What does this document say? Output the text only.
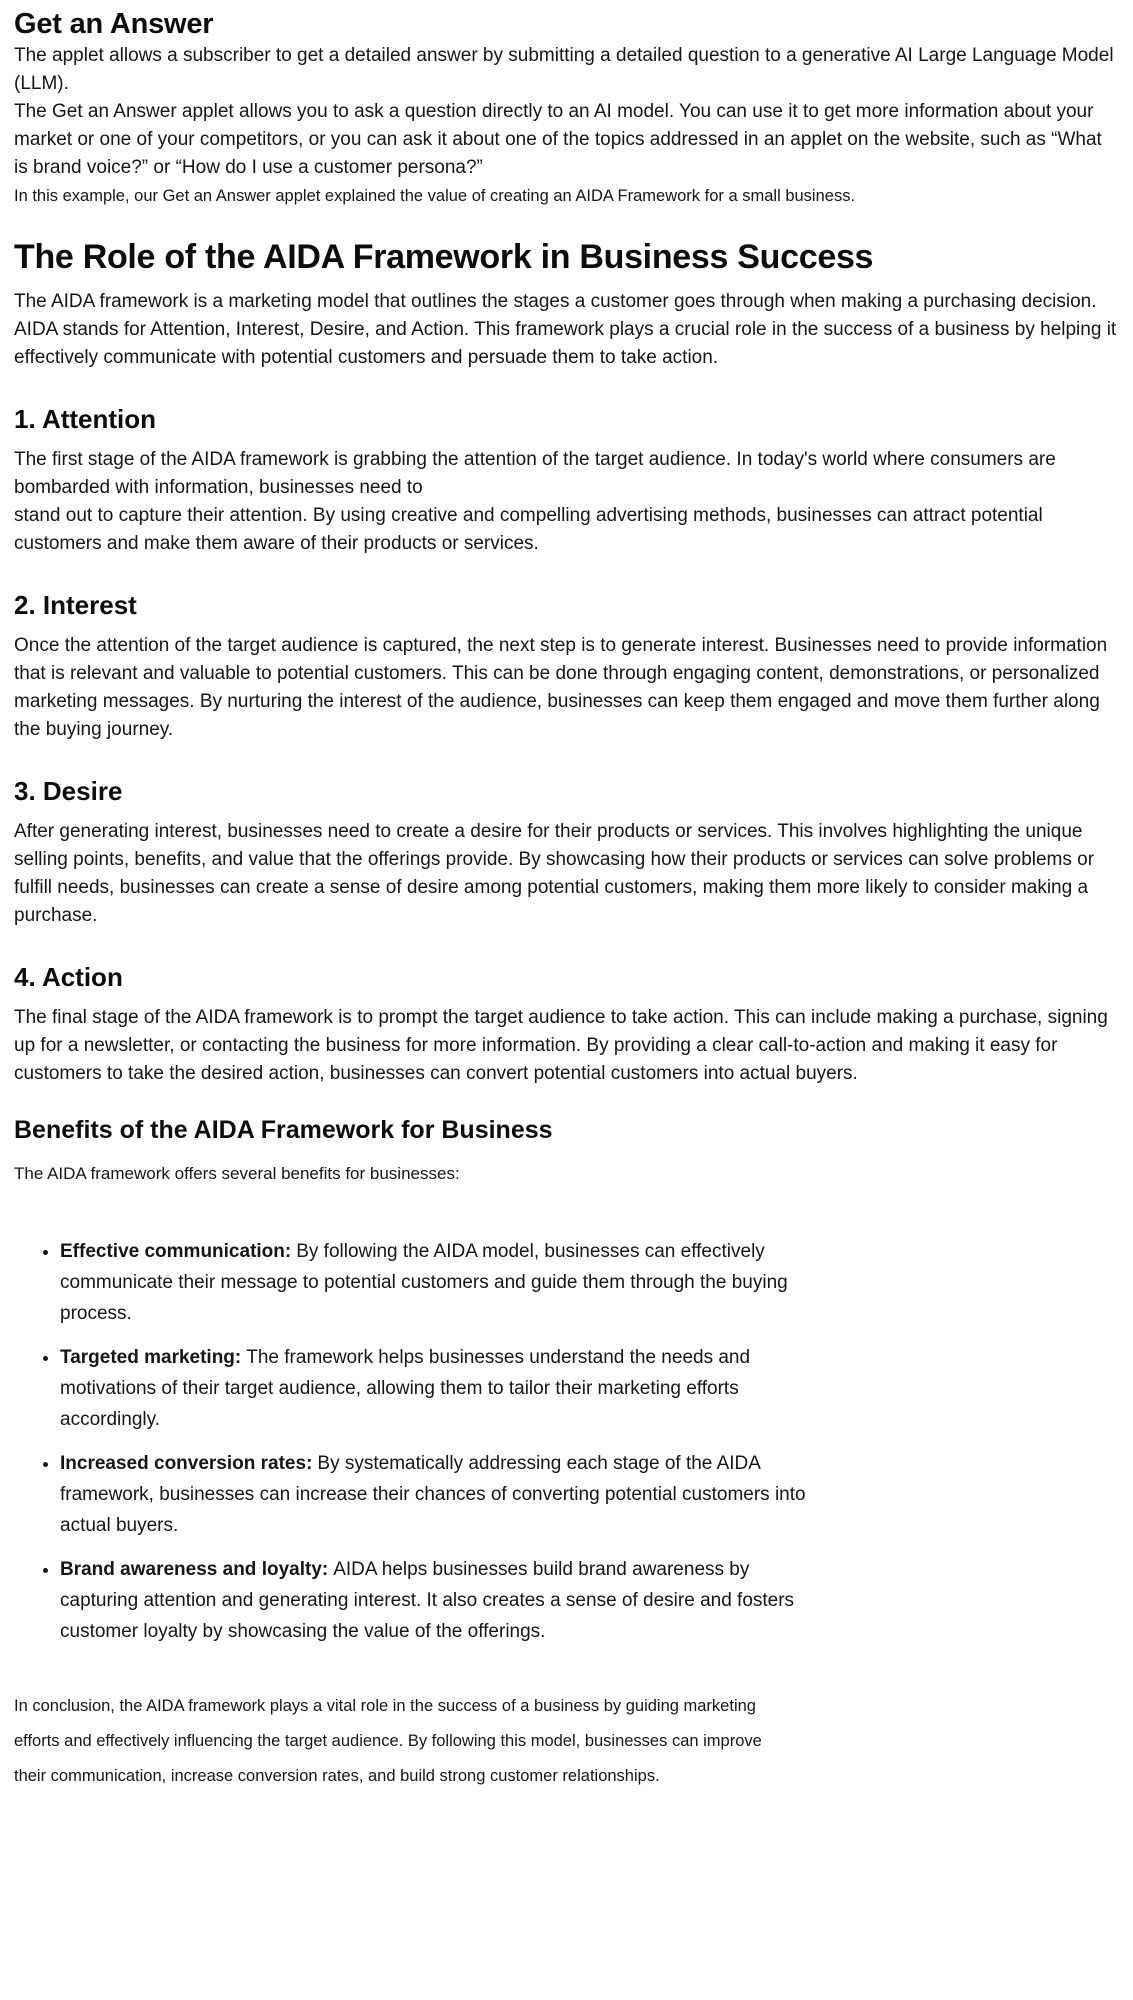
Get an Answer

The applet allows a subscriber to get a detailed answer by submitting a detailed question to a generative AI Large Language Model (LLM).

The Get an Answer applet allows you to ask a question directly to an AI model. You can use it to get more information about your market or one of your competitors, or you can ask it about one of the topics addressed in an applet on the website, such as “What is brand voice?” or “How do I use a customer persona?”

In this example, our Get an Answer applet explained the value of creating an AIDA Framework for a small business.

The Role of the AIDA Framework in Business Success

The AIDA framework is a marketing model that outlines the stages a customer goes through when making a purchasing decision. AIDA stands for Attention, Interest, Desire, and Action. This framework plays a crucial role in the success of a business by helping it effectively communicate with potential customers and persuade them to take action.

1. Attention

The first stage of the AIDA framework is grabbing the attention of the target audience. In today's world where consumers are bombarded with information, businesses need to

stand out to capture their attention. By using creative and compelling advertising methods, businesses can attract potential customers and make them aware of their products or services.

2. Interest

Once the attention of the target audience is captured, the next step is to generate interest. Businesses need to provide information that is relevant and valuable to potential customers. This can be done through engaging content, demonstrations, or personalized marketing messages. By nurturing the interest of the audience, businesses can keep them engaged and move them further along the buying journey.

3. Desire

After generating interest, businesses need to create a desire for their products or services. This involves highlighting the unique selling points, benefits, and value that the offerings provide. By showcasing how their products or services can solve problems or fulfill needs, businesses can create a sense of desire among potential customers, making them more likely to consider making a purchase.

4. Action

The final stage of the AIDA framework is to prompt the target audience to take action. This can include making a purchase, signing up for a newsletter, or contacting the business for more information. By providing a clear call-to-action and making it easy for customers to take the desired action, businesses can convert potential customers into actual buyers.

Benefits of the AIDA Framework for Business

The AIDA framework offers several benefits for businesses:

• Effective communication: By following the AIDA model, businesses can effectively communicate their message to potential customers and guide them through the buying process.
• Targeted marketing: The framework helps businesses understand the needs and motivations of their target audience, allowing them to tailor their marketing efforts accordingly.
• Increased conversion rates: By systematically addressing each stage of the AIDA framework, businesses can increase their chances of converting potential customers into actual buyers.
• Brand awareness and loyalty: AIDA helps businesses build brand awareness by capturing attention and generating interest. It also creates a sense of desire and fosters customer loyalty by showcasing the value of the offerings.

In conclusion, the AIDA framework plays a vital role in the success of a business by guiding marketing efforts and effectively influencing the target audience. By following this model, businesses can improve their communication, increase conversion rates, and build strong customer relationships.
